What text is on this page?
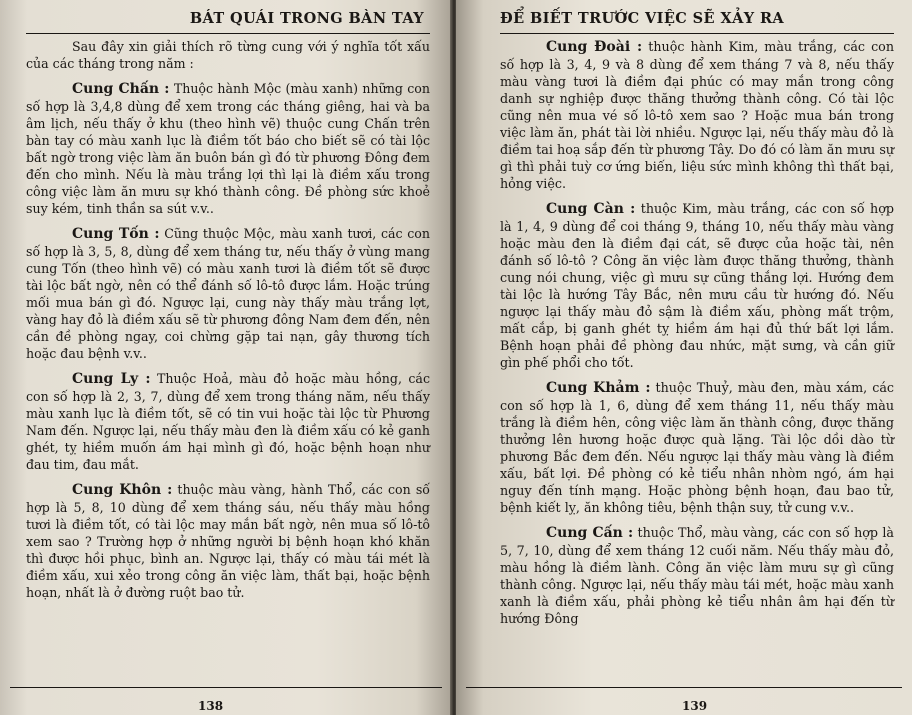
BÁT QUÁI TRONG BÀN TAY

Sau đây xin giải thích rõ từng cung với ý nghĩa tốt xấu của các tháng trong năm :

Cung Chấn : Thuộc hành Mộc (màu xanh) những con số hợp là 3,4,8 dùng để xem trong các tháng giêng, hai và ba âm lịch, nếu thấy ở khu (theo hình vẽ) thuộc cung Chấn trên bàn tay có màu xanh lục là điềm tốt báo cho biết sẽ có tài lộc bất ngờ trong việc làm ăn buôn bán gì đó từ phương Đông đem đến cho mình. Nếu là màu trắng lợi thì lại là điềm xấu trong công việc làm ăn mưu sự khó thành công. Đề phòng sức khoẻ suy kém, tinh thần sa sút v.v..

Cung Tốn : Cũng thuộc Mộc, màu xanh tươi, các con số hợp là 3, 5, 8, dùng để xem tháng tư, nếu thấy ở vùng mang cung Tốn (theo hình vẽ) có màu xanh tươi là điềm tốt sẽ được tài lộc bất ngờ, nên có thể đánh số lô-tô được lắm. Hoặc trúng mối mua bán gì đó. Ngược lại, cung này thấy màu trắng lợt, vàng hay đỏ là điềm xấu sẽ từ phương đông Nam đem đến, nên cần đề phòng ngay, coi chừng gặp tai nạn, gây thương tích hoặc đau bệnh v.v..

Cung Ly : Thuộc Hoả, màu đỏ hoặc màu hồng, các con số hợp là 2, 3, 7, dùng để xem trong tháng năm, nếu thấy màu xanh lục là điềm tốt, sẽ có tin vui hoặc tài lộc từ Phương Nam đến. Ngược lại, nếu thấy màu đen là điềm xấu có kẻ ganh ghét, tỵ hiềm muốn ám hại mình gì đó, hoặc bệnh hoạn như đau tim, đau mắt.

Cung Khôn : thuộc màu vàng, hành Thổ, các con số hợp là 5, 8, 10 dùng để xem tháng sáu, nếu thấy màu hồng tươi là điềm tốt, có tài lộc may mắn bất ngờ, nên mua số lô-tô xem sao ? Trường hợp ở những người bị bệnh hoạn khó khăn thì được hồi phục, bình an. Ngược lại, thấy có màu tái mét là điềm xấu, xui xẻo trong công ăn việc làm, thất bại, hoặc bệnh hoạn, nhất là ở đường ruột bao tử.

138
ĐỂ BIẾT TRƯỚC VIỆC SẼ XẢY RA

Cung Đoài : thuộc hành Kim, màu trắng, các con số hợp là 3, 4, 9 và 8 dùng để xem tháng 7 và 8, nếu thấy màu vàng tươi là điềm đại phúc có may mắn trong công danh sự nghiệp được thăng thưởng thành công. Có tài lộc cũng nên mua vé số lô-tô xem sao ? Hoặc mua bán trong việc làm ăn, phát tài lời nhiều. Ngược lại, nếu thấy màu đỏ là điềm tai hoạ sắp đến từ phương Tây. Do đó có làm ăn mưu sự gì thì phải tuỳ cơ ứng biến, liệu sức mình không thì thất bại, hỏng việc.

Cung Càn : thuộc Kim, màu trắng, các con số hợp là 1, 4, 9 dùng để coi tháng 9, tháng 10, nếu thấy màu vàng hoặc màu đen là điềm đại cát, sẽ được của hoặc tài, nên đánh số lô-tô ? Công ăn việc làm được thăng thưởng, thành cung nói chung, việc gì mưu sự cũng thắng lợi. Hướng đem tài lộc là hướng Tây Bắc, nên mưu cầu từ hướng đó. Nếu ngược lại thấy màu đỏ sậm là điềm xấu, phòng mất trộm, mất cắp, bị ganh ghét tỵ hiềm ám hại đủ thứ bất lợi lắm. Bệnh hoạn phải đề phòng đau nhức, mặt sưng, và cần giữ gìn phế phổi cho tốt.

Cung Khảm : thuộc Thuỷ, màu đen, màu xám, các con số hợp là 1, 6, dùng để xem tháng 11, nếu thấy màu trắng là điềm hên, công việc làm ăn thành công, được thăng thưởng lên hương hoặc được quà lặng. Tài lộc dồi dào từ phương Bắc đem đến. Nếu ngược lại thấy màu vàng là điềm xấu, bất lợi. Đề phòng có kẻ tiểu nhân nhòm ngó, ám hại nguy đến tính mạng. Hoặc phòng bệnh hoạn, đau bao tử, bệnh kiết lỵ, ăn không tiêu, bệnh thận suy, tử cung v.v..

Cung Cấn : thuộc Thổ, màu vàng, các con số hợp là 5, 7, 10, dùng để xem tháng 12 cuối năm. Nếu thấy màu đỏ, màu hồng là điềm lành. Công ăn việc làm mưu sự gì cũng thành công. Ngược lại, nếu thấy màu tái mét, hoặc màu xanh xanh là điềm xấu, phải phòng kẻ tiểu nhân âm hại đến từ hướng Đông

139
